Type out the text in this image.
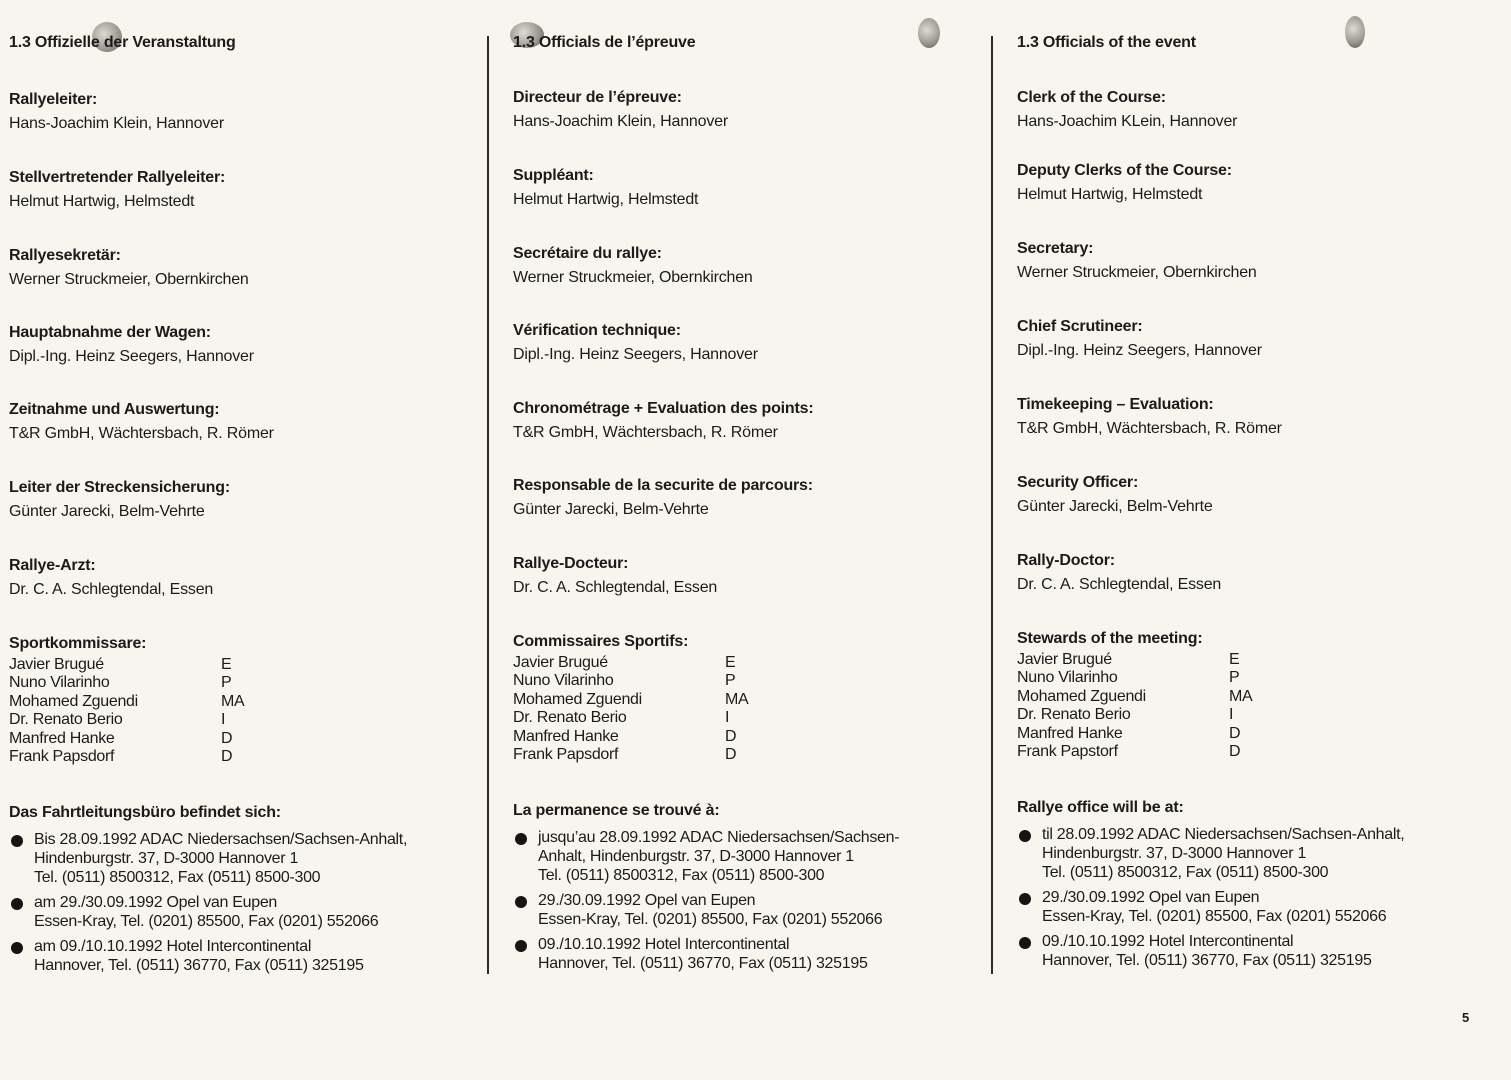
1.3 Offizielle der Veranstaltung
Rallyeleiter:
Hans-Joachim Klein, Hannover
Stellvertretender Rallyeleiter:
Helmut Hartwig, Helmstedt
Rallyesekretär:
Werner Struckmeier, Obernkirchen
Hauptabnahme der Wagen:
Dipl.-Ing. Heinz Seegers, Hannover
Zeitnahme und Auswertung:
T&R GmbH, Wächtersbach, R. Römer
Leiter der Streckensicherung:
Günter Jarecki, Belm-Vehrte
Rallye-Arzt:
Dr. C. A. Schlegtendal, Essen
Sportkommissare:
Javier Brugué	E
Nuno Vilarinho	P
Mohamed Zguendi	MA
Dr. Renato Berio	I
Manfred Hanke	D
Frank Papsdorf	D
Das Fahrtleitungsbüro befindet sich:
Bis 28.09.1992 ADAC Niedersachsen/Sachsen-Anhalt,
Hindenburgstr. 37, D-3000 Hannover 1
Tel. (0511) 8500312, Fax (0511) 8500-300
am 29./30.09.1992 Opel van Eupen
Essen-Kray, Tel. (0201) 85500, Fax (0201) 552066
am 09./10.10.1992 Hotel Intercontinental
Hannover, Tel. (0511) 36770, Fax (0511) 325195
1.3 Officials de l’épreuve
Directeur de l’épreuve:
Hans-Joachim Klein, Hannover
Suppléant:
Helmut Hartwig, Helmstedt
Secrétaire du rallye:
Werner Struckmeier, Obernkirchen
Vérification technique:
Dipl.-Ing. Heinz Seegers, Hannover
Chronométrage + Evaluation des points:
T&R GmbH, Wächtersbach, R. Römer
Responsable de la securite de parcours:
Günter Jarecki, Belm-Vehrte
Rallye-Docteur:
Dr. C. A. Schlegtendal, Essen
Commissaires Sportifs:
Javier Brugué	E
Nuno Vilarinho	P
Mohamed Zguendi	MA
Dr. Renato Berio	I
Manfred Hanke	D
Frank Papsdorf	D
La permanence se trouvé à:
jusqu’au 28.09.1992 ADAC Niedersachsen/Sachsen-
Anhalt, Hindenburgstr. 37, D-3000 Hannover 1
Tel. (0511) 8500312, Fax (0511) 8500-300
29./30.09.1992 Opel van Eupen
Essen-Kray, Tel. (0201) 85500, Fax (0201) 552066
09./10.10.1992 Hotel Intercontinental
Hannover, Tel. (0511) 36770, Fax (0511) 325195
1.3 Officials of the event
Clerk of the Course:
Hans-Joachim KLein, Hannover
Deputy Clerks of the Course:
Helmut Hartwig, Helmstedt
Secretary:
Werner Struckmeier, Obernkirchen
Chief Scrutineer:
Dipl.-Ing. Heinz Seegers, Hannover
Timekeeping – Evaluation:
T&R GmbH, Wächtersbach, R. Römer
Security Officer:
Günter Jarecki, Belm-Vehrte
Rally-Doctor:
Dr. C. A. Schlegtendal, Essen
Stewards of the meeting:
Javier Brugué	E
Nuno Vilarinho	P
Mohamed Zguendi	MA
Dr. Renato Berio	I
Manfred Hanke	D
Frank Papstorf	D
Rallye office will be at:
til 28.09.1992 ADAC Niedersachsen/Sachsen-Anhalt,
Hindenburgstr. 37, D-3000 Hannover 1
Tel. (0511) 8500312, Fax (0511) 8500-300
29./30.09.1992 Opel van Eupen
Essen-Kray, Tel. (0201) 85500, Fax (0201) 552066
09./10.10.1992 Hotel Intercontinental
Hannover, Tel. (0511) 36770, Fax (0511) 325195
5
